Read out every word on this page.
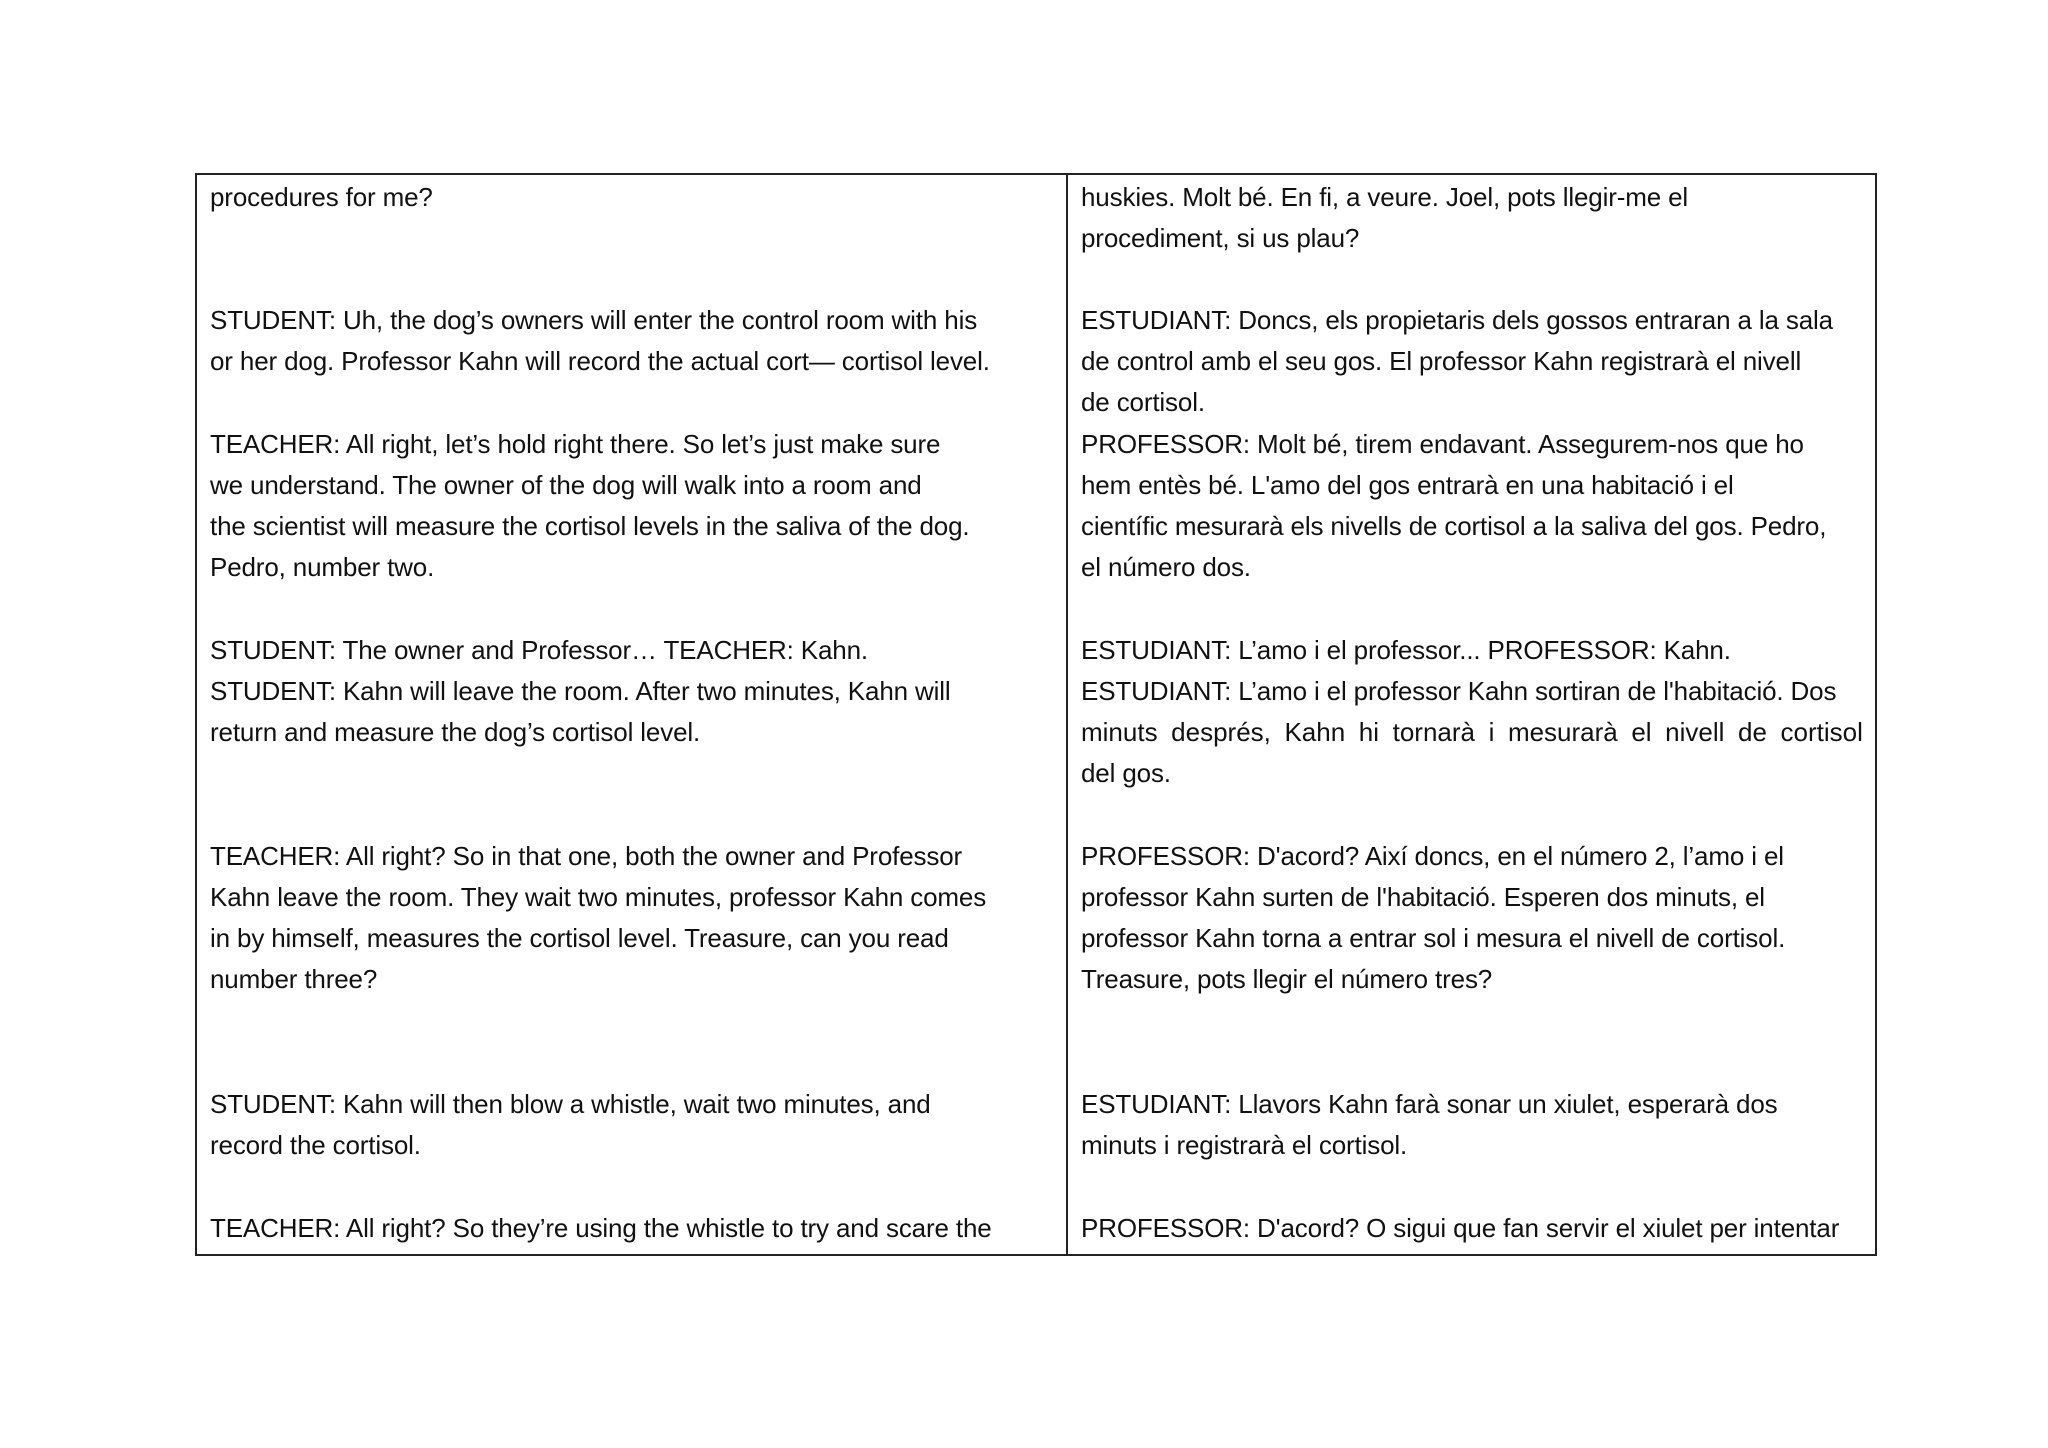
procedures for me?
STUDENT: Uh, the dog’s owners will enter the control room with his
or her dog. Professor Kahn will record the actual cort— cortisol level.
TEACHER: All right, let’s hold right there. So let’s just make sure
we understand. The owner of the dog will walk into a room and
the scientist will measure the cortisol levels in the saliva of the dog.
Pedro, number two.
STUDENT: The owner and Professor… TEACHER: Kahn.
STUDENT: Kahn will leave the room. After two minutes, Kahn will
return and measure the dog’s cortisol level.
TEACHER: All right? So in that one, both the owner and Professor
Kahn leave the room. They wait two minutes, professor Kahn comes
in by himself, measures the cortisol level. Treasure, can you read
number three?
STUDENT: Kahn will then blow a whistle, wait two minutes, and
record the cortisol.
TEACHER: All right? So they’re using the whistle to try and scare the
huskies. Molt bé. En fi, a veure. Joel, pots llegir-me el
procediment, si us plau?
ESTUDIANT: Doncs, els propietaris dels gossos entraran a la sala
de control amb el seu gos. El professor Kahn registrarà el nivell
de cortisol.
PROFESSOR: Molt bé, tirem endavant. Assegurem-nos que ho
hem entès bé. L'amo del gos entrarà en una habitació i el
científic mesurarà els nivells de cortisol a la saliva del gos. Pedro,
el número dos.
ESTUDIANT: L’amo i el professor... PROFESSOR: Kahn.
ESTUDIANT: L’amo i el professor Kahn sortiran de l'habitació. Dos
minuts després, Kahn hi tornarà i mesurarà el nivell de cortisol
del gos.
PROFESSOR: D'acord? Així doncs, en el número 2, l’amo i el
professor Kahn surten de l'habitació. Esperen dos minuts, el
professor Kahn torna a entrar sol i mesura el nivell de cortisol.
Treasure, pots llegir el número tres?
ESTUDIANT: Llavors Kahn farà sonar un xiulet, esperarà dos
minuts i registrarà el cortisol.
PROFESSOR: D'acord? O sigui que fan servir el xiulet per intentar
